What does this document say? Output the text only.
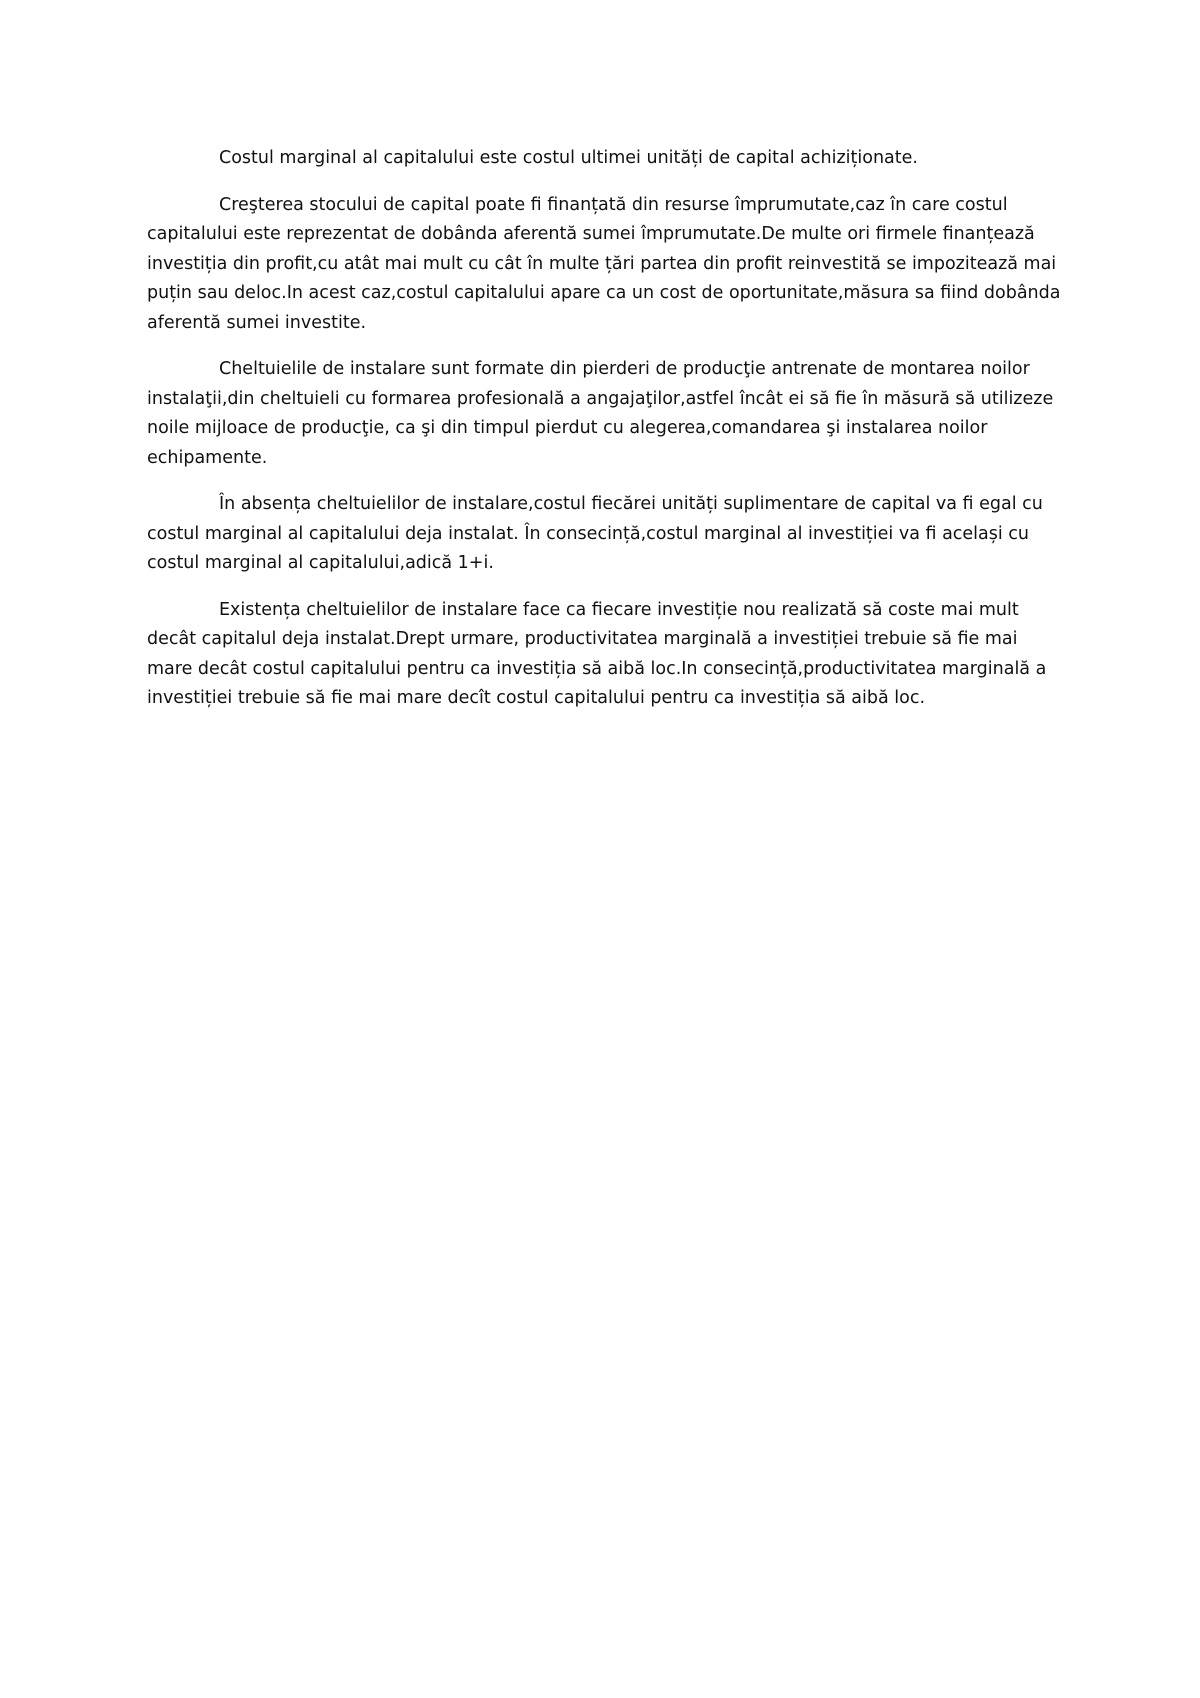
Costul marginal al capitalului este costul ultimei unități de capital achiziționate.

Creşterea stocului de capital poate fi finanțată din resurse împrumutate,caz în care costul capitalului este reprezentat de dobânda aferentă sumei împrumutate.De multe ori firmele finanțează investiția din profit,cu atât mai mult cu cât în multe țări partea din profit reinvestită se impozitează mai puțin sau deloc.In acest caz,costul capitalului apare ca un cost de oportunitate,măsura sa fiind dobânda aferentă sumei investite.

Cheltuielile de instalare sunt formate din pierderi de producţie antrenate de montarea noilor instalaţii,din cheltuieli cu formarea profesională a angajaţilor,astfel încât ei să fie în măsură să utilizeze noile mijloace de producţie, ca şi din timpul pierdut cu alegerea,comandarea şi instalarea noilor echipamente.

În absența cheltuielilor de instalare,costul fiecărei unități suplimentare de capital va fi egal cu costul marginal al capitalului deja instalat. În consecință,costul marginal al investiției va fi același cu costul marginal al capitalului,adică 1+i.

Existența cheltuielilor de instalare face ca fiecare investiție nou realizată să coste mai mult decât capitalul deja instalat.Drept urmare, productivitatea marginală a investiției trebuie să fie mai mare decât costul capitalului pentru ca investiția să aibă loc.In consecință,productivitatea marginală a investiției trebuie să fie mai mare decît costul capitalului pentru ca investiția să aibă loc.
